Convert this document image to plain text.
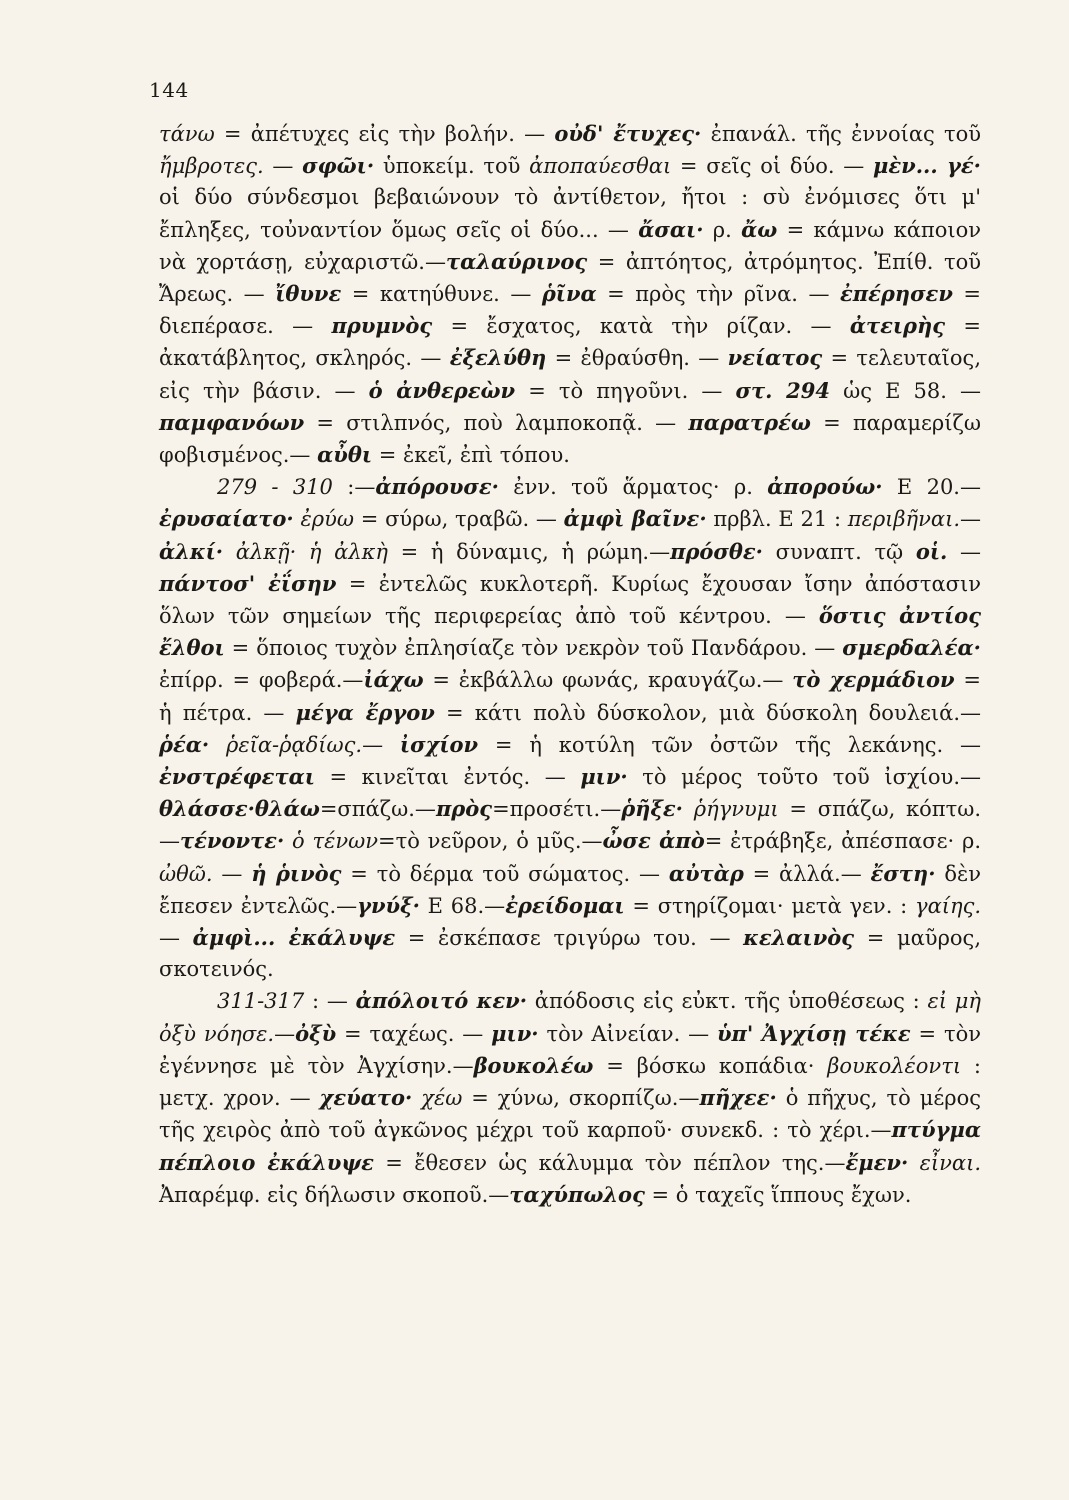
144

τάνω = ἀπέτυχες εἰς τὴν βολήν. — οὐδ' ἔτυχες· ἐπανάλ. τῆς ἐννοίας τοῦ ἤμβροτες. — σφῶι· ὑποκείμ. τοῦ ἀποπαύεσθαι = σεῖς οἱ δύο. — μὲν... γέ· οἱ δύο σύνδεσμοι βεβαιώνουν τὸ ἀντίθετον, ἤτοι : σὺ ἐνόμισες ὅτι μ' ἔπληξες, τοὐναντίον ὅμως σεῖς οἱ δύο... — ἄσαι· ρ. ἄω = κάμνω κάποιον νὰ χορτάσῃ, εὐχαριστῶ.—ταλαύρινος = ἀπτόητος, ἀτρόμητος. Ἐπίθ. τοῦ Ἄρεως. — ἴθυνε = κατηύθυνε. — ῥῖνα = πρὸς τὴν ρῖνα. — ἐπέρησεν = διεπέρασε. — πρυμνὸς = ἔσχατος, κατὰ τὴν ρίζαν. — ἀτειρὴς = ἀκατάβλητος, σκληρός. — ἐξελύθη = ἐθραύσθη. — νείατος = τελευταῖος, εἰς τὴν βάσιν. — ὁ ἀνθερεὼν = τὸ πηγοῦνι. — στ. 294 ὡς Ε 58. — παμφανόων = στιλπνός, ποὺ λαμποκοπᾷ. — παρατρέω = παραμερίζω φοβισμένος.— αὖθι = ἐκεῖ, ἐπὶ τόπου.

279 - 310 :—ἀπόρουσε· ἐνν. τοῦ ἅρματος· ρ. ἀπορούω· Ε 20.— ἐρυσαίατο· ἐρύω = σύρω, τραβῶ. — ἀμφὶ βαῖνε· πρβλ. Ε 21 : περιβῆναι.—ἀλκί· ἀλκῇ· ἡ ἀλκὴ = ἡ δύναμις, ἡ ρώμη.—πρόσθε· συναπτ. τῷ οἱ. — πάντοσ' ἐΐσην = ἐντελῶς κυκλοτερῆ. Κυρίως ἔχουσαν ἴσην ἀπόστασιν ὅλων τῶν σημείων τῆς περιφερείας ἀπὸ τοῦ κέντρου. — ὅστις ἀντίος ἔλθοι = ὅποιος τυχὸν ἐπλησίαζε τὸν νεκρὸν τοῦ Πανδάρου. — σμερδαλέα· ἐπίρρ. = φοβερά.—ἰάχω = ἐκβάλλω φωνάς, κραυγάζω.— τὸ χερμάδιον = ἡ πέτρα. — μέγα ἔργον = κάτι πολὺ δύσκολον, μιὰ δύσκολη δουλειά.—ῥέα· ῥεῖα-ῥᾳδίως.— ἰσχίον = ἡ κοτύλη τῶν ὀστῶν τῆς λεκάνης. — ἐνστρέφεται = κινεῖται ἐντός. — μιν· τὸ μέρος τοῦτο τοῦ ἰσχίου.—θλάσσε·θλάω=σπάζω.—πρὸς=προσέτι.—ῥῆξε· ῥήγνυμι = σπάζω, κόπτω.—τένοντε· ὁ τένων=τὸ νεῦρον, ὁ μῦς.—ὦσε ἀπὸ= ἐτράβηξε, ἀπέσπασε· ρ. ὠθῶ. — ἡ ῥινὸς = τὸ δέρμα τοῦ σώματος. — αὐτὰρ = ἀλλά.— ἔστη· δὲν ἔπεσεν ἐντελῶς.—γνύξ· Ε 68.—ἐρείδομαι = στηρίζομαι· μετὰ γεν. : γαίης.— ἀμφὶ... ἐκάλυψε = ἐσκέπασε τριγύρω του. — κελαινὸς = μαῦρος, σκοτεινός.

311-317 : — ἀπόλοιτό κεν· ἀπόδοσις εἰς εὐκτ. τῆς ὑποθέσεως : εἰ μὴ ὀξὺ νόησε.—ὀξὺ = ταχέως. — μιν· τὸν Αἰνείαν. — ὑπ' Ἀγχίσῃ τέκε = τὸν ἐγέννησε μὲ τὸν Ἀγχίσην.—βουκολέω = βόσκω κοπάδια· βουκολέοντι : μετχ. χρον. — χεύατο· χέω = χύνω, σκορπίζω.—πῆχεε· ὁ πῆχυς, τὸ μέρος τῆς χειρὸς ἀπὸ τοῦ ἀγκῶνος μέχρι τοῦ καρποῦ· συνεκδ. : τὸ χέρι.—πτύγμα πέπλοιο ἐκάλυψε = ἔθεσεν ὡς κάλυμμα τὸν πέπλον της.—ἔμεν· εἶναι. Ἀπαρέμφ. εἰς δήλωσιν σκοποῦ.—ταχύπωλος = ὁ ταχεῖς ἵππους ἔχων.
